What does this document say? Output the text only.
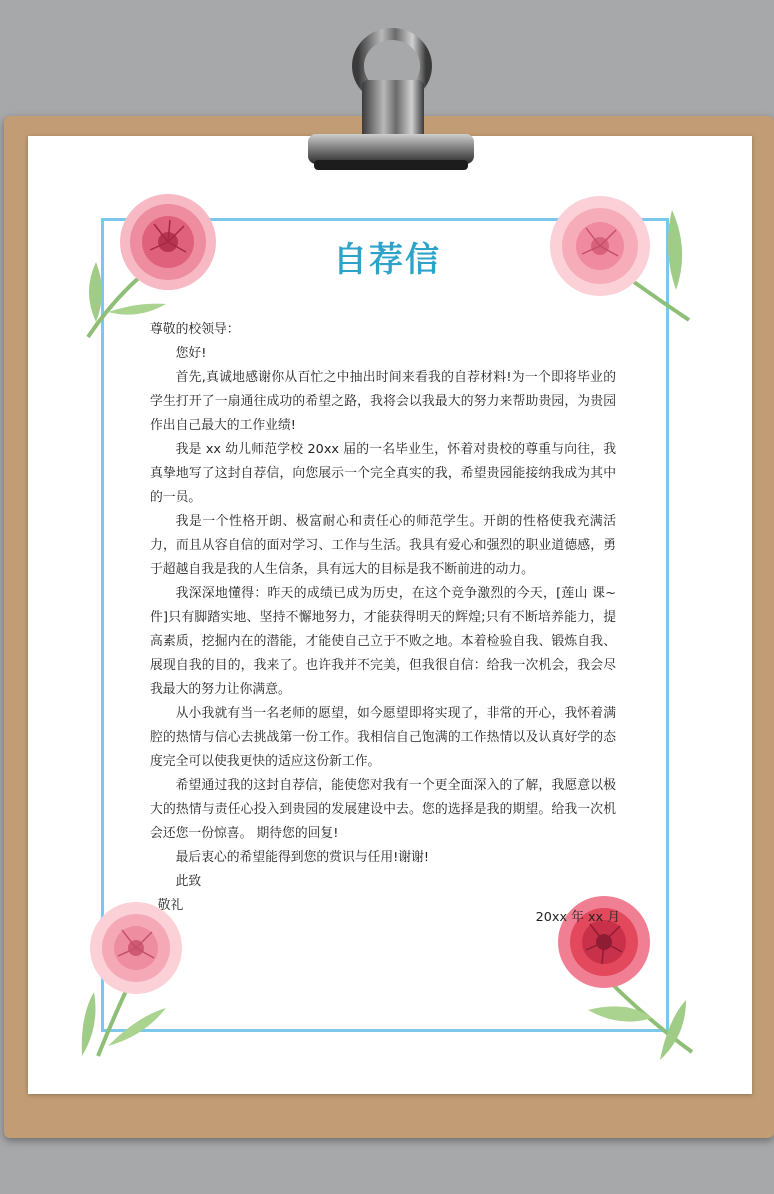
自荐信

尊敬的校领导：

您好!

首先,真诚地感谢你从百忙之中抽出时间来看我的自荐材料!为一个即将毕业的学生打开了一扇通往成功的希望之路，我将会以我最大的努力来帮助贵园，为贵园作出自己最大的工作业绩!

我是 xx 幼儿师范学校 20xx 届的一名毕业生，怀着对贵校的尊重与向往，我真挚地写了这封自荐信，向您展示一个完全真实的我，希望贵园能接纳我成为其中的一员。

我是一个性格开朗、极富耐心和责任心的师范学生。开朗的性格使我充满活力，而且从容自信的面对学习、工作与生活。我具有爱心和强烈的职业道德感，勇于超越自我是我的人生信条，具有远大的目标是我不断前进的动力。

我深深地懂得：昨天的成绩已成为历史，在这个竞争激烈的今天，[莲山 课~件]只有脚踏实地、坚持不懈地努力，才能获得明天的辉煌;只有不断培养能力，提高素质，挖掘内在的潜能，才能使自己立于不败之地。本着检验自我、锻炼自我、展现自我的目的，我来了。也许我并不完美，但我很自信：给我一次机会，我会尽我最大的努力让你满意。

从小我就有当一名老师的愿望，如今愿望即将实现了，非常的开心，我怀着满腔的热情与信心去挑战第一份工作。我相信自己饱满的工作热情以及认真好学的态度完全可以使我更快的适应这份新工作。

希望通过我的这封自荐信，能使您对我有一个更全面深入的了解，我愿意以极大的热情与责任心投入到贵园的发展建设中去。您的选择是我的期望。给我一次机会还您一份惊喜。 期待您的回复!

最后衷心的希望能得到您的赏识与任用!谢谢!

此致

敬礼

20xx 年 xx 月
